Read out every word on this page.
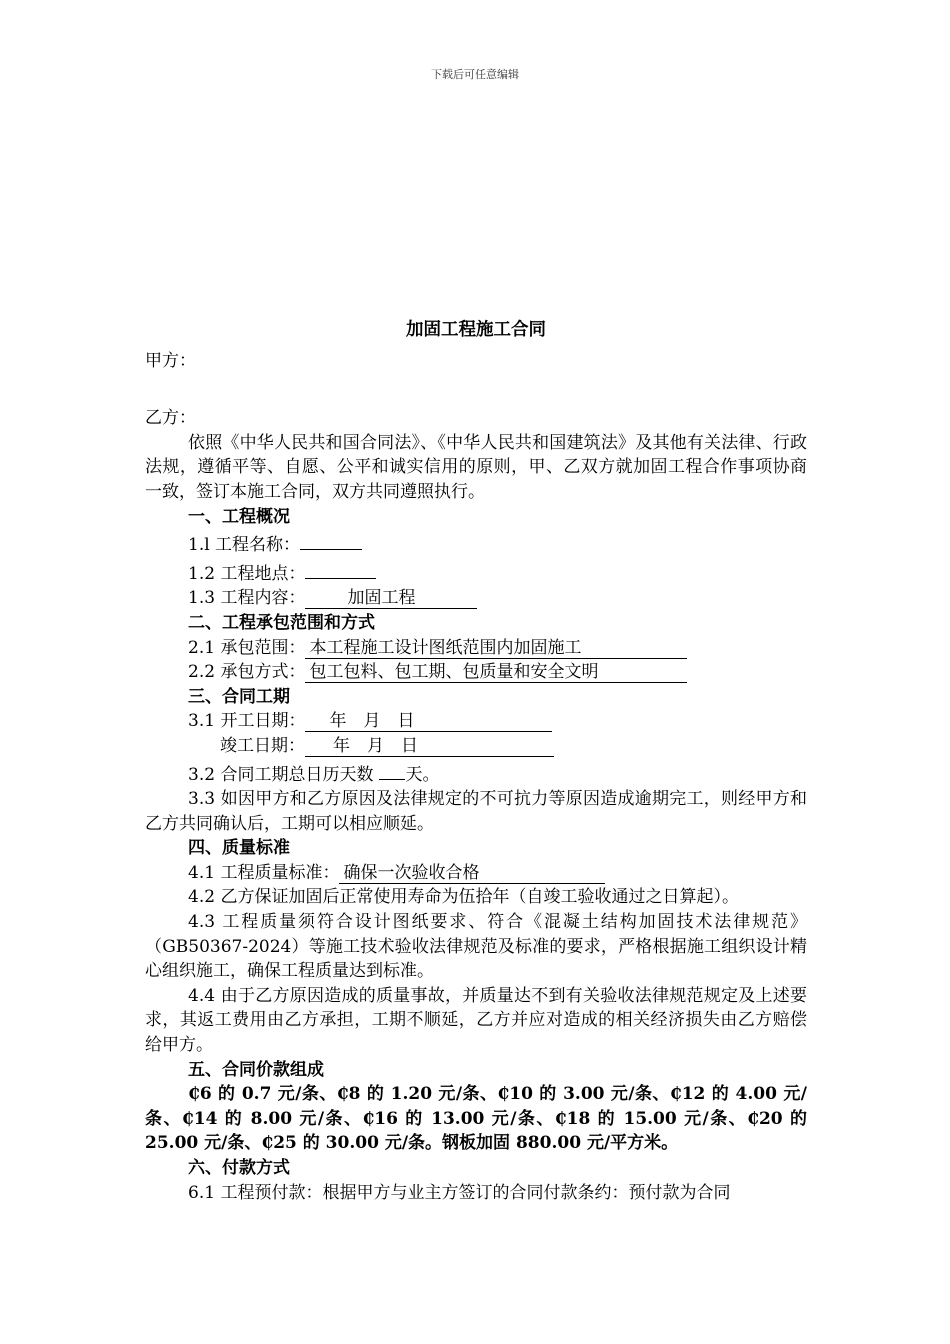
下载后可任意编辑
加固工程施工合同
甲方：
乙方：
依照《中华人民共和国合同法》、《中华人民共和国建筑法》及其他有关法律、行政法规，遵循平等、自愿、公平和诚实信用的原则，甲、乙双方就加固工程合作事项协商一致，签订本施工合同，双方共同遵照执行。
一、工程概况
1.l 工程名称：
1.2 工程地点：
1.3 工程内容： 加固工程
二、工程承包范围和方式
2.1 承包范围： 本工程施工设计图纸范围内加固施工
2.2 承包方式： 包工包料、包工期、包质量和安全文明
三、合同工期
3.1 开工日期： 年　月　日
竣工日期： 年　月　日
3.2 合同工期总日历天数 天。
3.3 如因甲方和乙方原因及法律规定的不可抗力等原因造成逾期完工，则经甲方和乙方共同确认后，工期可以相应顺延。
四、质量标准
4.1 工程质量标准： 确保一次验收合格
4.2 乙方保证加固后正常使用寿命为伍拾年（自竣工验收通过之日算起）。
4.3 工程质量须符合设计图纸要求、符合《混凝土结构加固技术法律规范》（GB50367-2024）等施工技术验收法律规范及标准的要求，严格根据施工组织设计精心组织施工，确保工程质量达到标准。
4.4 由于乙方原因造成的质量事故，并质量达不到有关验收法律规范规定及上述要求，其返工费用由乙方承担，工期不顺延，乙方并应对造成的相关经济损失由乙方赔偿给甲方。
五、合同价款组成
₵6 的 0.7 元/条、₵8 的 1.20 元/条、₵10 的 3.00 元/条、₵12 的 4.00 元/条、₵14 的 8.00 元/条、₵16 的 13.00 元/条、₵18 的 15.00 元/条、₵20 的 25.00 元/条、₵25 的 30.00 元/条。钢板加固 880.00 元/平方米。
六、付款方式
6.1 工程预付款：根据甲方与业主方签订的合同付款条约：预付款为合同
